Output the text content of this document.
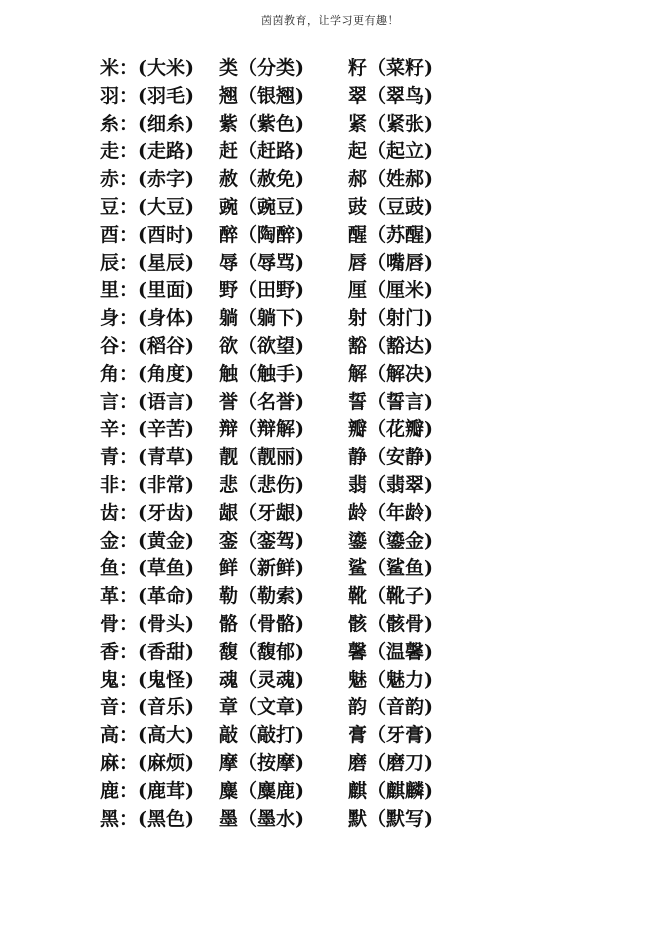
茵茵教育，让学习更有趣！
米：(大米) 类（分类) 籽（菜籽)
羽：(羽毛) 翘（银翘) 翠（翠鸟)
糸：(细糸) 紫（紫色) 紧（紧张)
走：(走路) 赶（赶路) 起（起立)
赤：(赤字) 赦（赦免) 郝（姓郝)
豆：(大豆) 豌（豌豆) 豉（豆豉)
酉：(酉时) 醉（陶醉) 醒（苏醒)
辰：(星辰) 辱（辱骂) 唇（嘴唇)
里：(里面) 野（田野) 厘（厘米)
身：(身体) 躺（躺下) 射（射门)
谷：(稻谷) 欲（欲望) 豁（豁达)
角：(角度) 触（触手) 解（解决)
言：(语言) 誉（名誉) 誓（誓言)
辛：(辛苦) 辩（辩解) 瓣（花瓣)
青：(青草) 靓（靓丽) 静（安静)
非：(非常) 悲（悲伤) 翡（翡翠)
齿：(牙齿) 龈（牙龈) 龄（年龄)
金：(黄金) 銮（銮驾) 鎏（鎏金)
鱼：(草鱼) 鲜（新鲜) 鲨（鲨鱼)
革：(革命) 勒（勒索) 靴（靴子)
骨：(骨头) 骼（骨骼) 骸（骸骨)
香：(香甜) 馥（馥郁) 馨（温馨)
鬼：(鬼怪) 魂（灵魂) 魅（魅力)
音：(音乐) 章（文章) 韵（音韵)
高：(高大) 敲（敲打) 膏（牙膏)
麻：(麻烦) 摩（按摩) 磨（磨刀)
鹿：(鹿茸) 麋（麋鹿) 麒（麒麟)
黑：(黑色) 墨（墨水) 默（默写)
